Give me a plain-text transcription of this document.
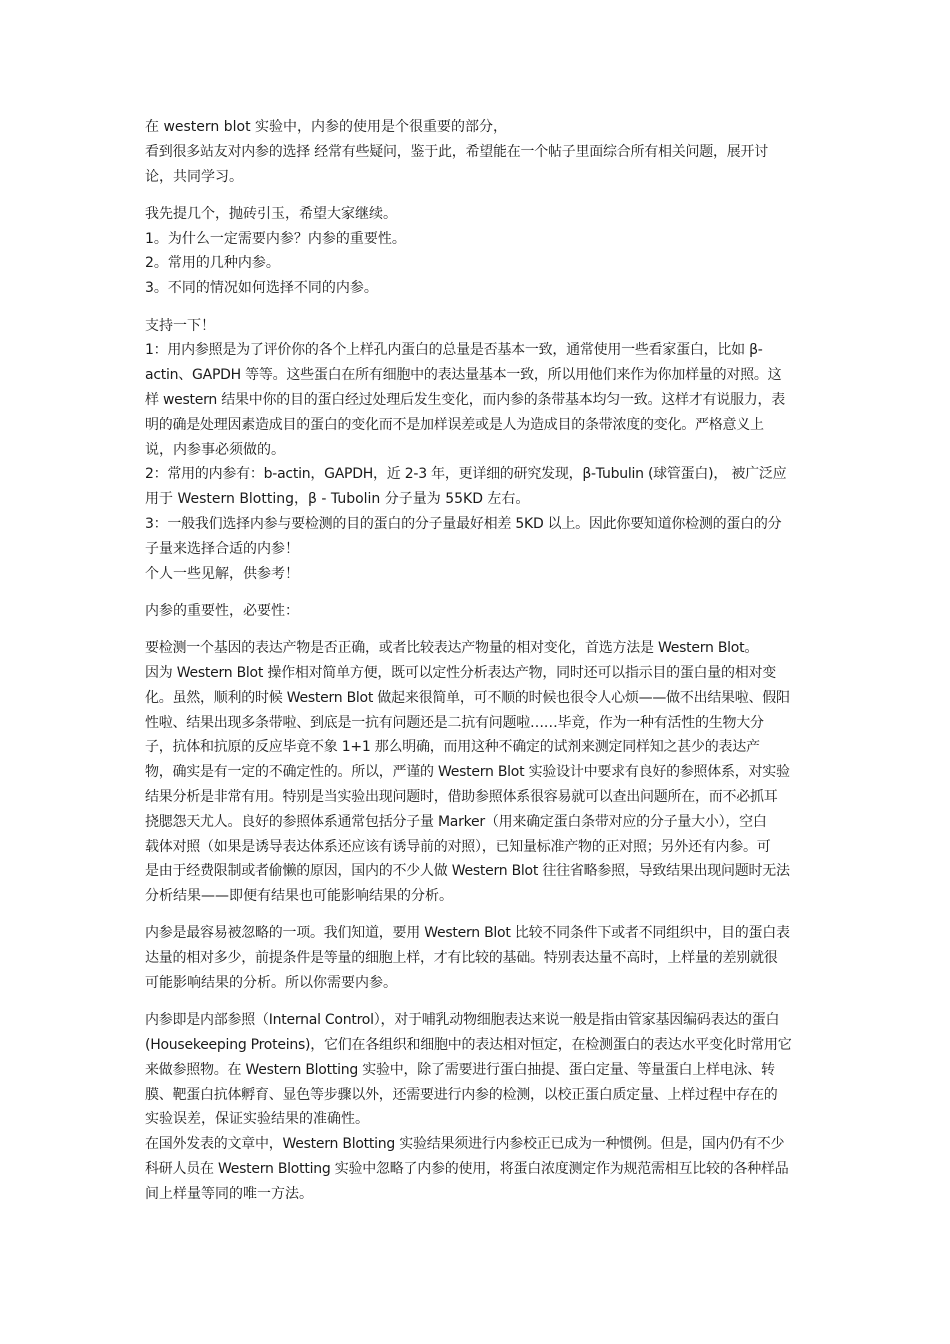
在 western blot 实验中，内参的使用是个很重要的部分，
看到很多站友对内参的选择 经常有些疑问，鉴于此，希望能在一个帖子里面综合所有相关问题，展开讨
论，共同学习。
我先提几个，抛砖引玉，希望大家继续。
1。为什么一定需要内参？内参的重要性。
2。常用的几种内参。
3。不同的情况如何选择不同的内参。
支持一下！
1：用内参照是为了评价你的各个上样孔内蛋白的总量是否基本一致，通常使用一些看家蛋白，比如 β-
actin、GAPDH 等等。这些蛋白在所有细胞中的表达量基本一致，所以用他们来作为你加样量的对照。这
样 western 结果中你的目的蛋白经过处理后发生变化，而内参的条带基本均匀一致。这样才有说服力，表
明的确是处理因素造成目的蛋白的变化而不是加样误差或是人为造成目的条带浓度的变化。严格意义上
说，内参事必须做的。
2：常用的内参有：b-actin，GAPDH，近 2-3 年，更详细的研究发现，β-Tubulin (球管蛋白)， 被广泛应
用于 Western Blotting，β - Tubolin 分子量为 55KD 左右。
3：一般我们选择内参与要检测的目的蛋白的分子量最好相差 5KD 以上。因此你要知道你检测的蛋白的分
子量来选择合适的内参！
个人一些见解，供参考！
内参的重要性，必要性：
要检测一个基因的表达产物是否正确，或者比较表达产物量的相对变化，首选方法是 Western Blot。
因为 Western Blot 操作相对简单方便，既可以定性分析表达产物，同时还可以指示目的蛋白量的相对变
化。虽然，顺利的时候 Western Blot 做起来很简单，可不顺的时候也很令人心烦——做不出结果啦、假阳
性啦、结果出现多条带啦、到底是一抗有问题还是二抗有问题啦……毕竟，作为一种有活性的生物大分
子，抗体和抗原的反应毕竟不象 1+1 那么明确，而用这种不确定的试剂来测定同样知之甚少的表达产
物，确实是有一定的不确定性的。所以，严谨的 Western Blot 实验设计中要求有良好的参照体系，对实验
结果分析是非常有用。特别是当实验出现问题时，借助参照体系很容易就可以查出问题所在，而不必抓耳
挠腮怨天尤人。良好的参照体系通常包括分子量 Marker（用来确定蛋白条带对应的分子量大小），空白
载体对照（如果是诱导表达体系还应该有诱导前的对照），已知量标准产物的正对照；另外还有内参。可
是由于经费限制或者偷懒的原因，国内的不少人做 Western Blot 往往省略参照，导致结果出现问题时无法
分析结果——即便有结果也可能影响结果的分析。
内参是最容易被忽略的一项。我们知道，要用 Western Blot 比较不同条件下或者不同组织中，目的蛋白表
达量的相对多少，前提条件是等量的细胞上样，才有比较的基础。特别表达量不高时，上样量的差别就很
可能影响结果的分析。所以你需要内参。
内参即是内部参照（Internal Control），对于哺乳动物细胞表达来说一般是指由管家基因编码表达的蛋白
(Housekeeping Proteins)，它们在各组织和细胞中的表达相对恒定，在检测蛋白的表达水平变化时常用它
来做参照物。在 Western Blotting 实验中，除了需要进行蛋白抽提、蛋白定量、等量蛋白上样电泳、转
膜、靶蛋白抗体孵育、显色等步骤以外，还需要进行内参的检测，以校正蛋白质定量、上样过程中存在的
实验误差，保证实验结果的准确性。
在国外发表的文章中，Western Blotting 实验结果须进行内参校正已成为一种惯例。但是，国内仍有不少
科研人员在 Western Blotting 实验中忽略了内参的使用，将蛋白浓度测定作为规范需相互比较的各种样品
间上样量等同的唯一方法。
